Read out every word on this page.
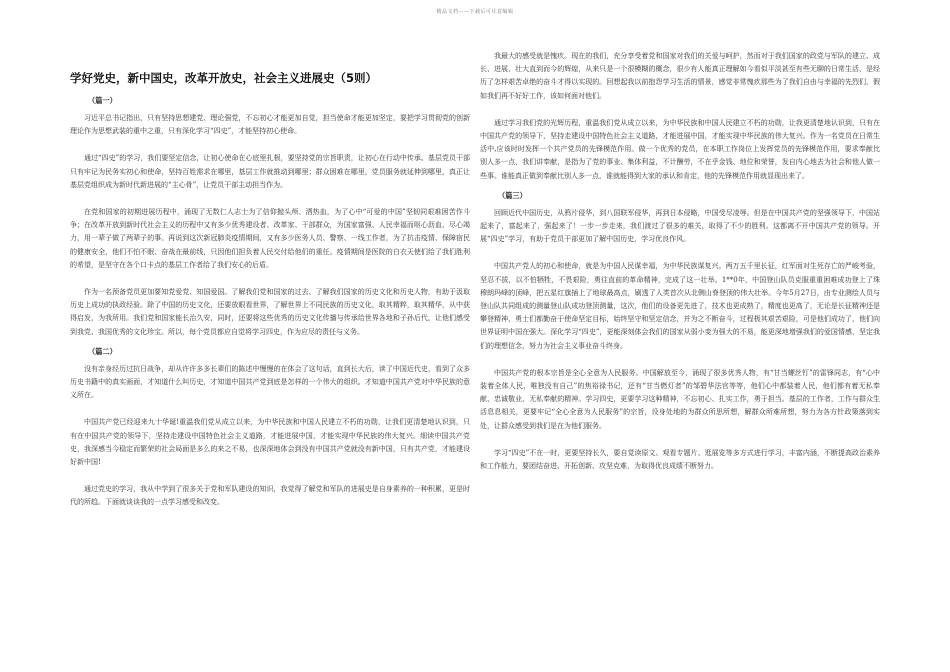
精品文档——下载后可任意编辑
学好党史，新中国史，改革开放史，社会主义进展史（5则）
（篇一）

习近平总书记指出，只有坚持思想建党、理论强党，不忘初心才能更加自觉，担当使命才能更加坚定，要把学习贯彻党的创新理论作为思想武装的重中之重，只有深化学习“四史”，才能坚持初心使命。

通过“四史”的学习，我们要坚定信念，让初心使命在心底里扎根，要坚持党的宗旨职责，让初心在行动中传承。基层党员干部只有牢记为民务实初心和使命，坚持百姓需求在哪里，基层工作就推动到哪里；群众困难在哪里，党员服务就延伸到哪里，真正让基层党组织成为新时代新进展的“主心骨”，让党员干部主动担当作为。

在党和国家的初期进展历程中，涌现了无数仁人志士为了信仰抛头颅、洒热血，为了心中“可爱的中国”坚韧同艰难困苦作斗争；在改革开放到新时代社会主义的历程中又有多少优秀建设者、改革家、干部群众，为国家富强、人民幸福而呕心沥血、尽心竭力，用一辈子做了两辈子的事。再说到这次新冠肺炎疫情期间，又有多少医务人员、警察、一线工作者，为了抗击疫情、保障宿民的健康安全，他们不怕不眠、奋战在最前线，只因他们担负着人民交付给他们的重任。疫情期间是医院的白衣天使们给了我们胜利的希望，是坚守在各个口卡点的基层工作者给了我们安心的后盾。

作为一名预备党员更加要知党爱党、知国爱国。了解我们党和国家的过去、了解我们国家的历史文化和历史人物，有助于汲取历史上成功的执政经验。除了中国的历史文化，还要放眼看世界，了解世界上不同民族的历史文化，取其精粹，取其精华，从中获得启发，为我所用。我们党和国家能长治久安，同时，还要将这些优秀的历史文化传播与传承给世界各地和子孙后代，让他们感受到我党、我国优秀的文化珍宝。所以，每个党员都应自觉将学习四史，作为应尽的责任与义务。

（篇二）

没有亲身经历过抗日战争，却从许许多多长辈们的陈述中慢慢的在体会了这句话，直到长大后，读了中国近代史，看到了众多历史书籍中的真实画面，才知道什么叫历史，才知道中国共产党到底是怎样的一个伟大的组织。才知道中国共产党对中华民族的意义所在。

中国共产党已经迎来九十华诞!重温我们党从成立以来，为中华民族和中国人民建立不朽的功勋，让我们更清楚地认识到，只有在中国共产党的领导下，坚持走建设中国特色社会主义道路，才能进展中国，才能实现中华民族的伟大复兴。细读中国共产党史，我深感当今稳定而繁荣的社会局面是多么的来之不易，也深深地体会到没有中国共产党就没有新中国，只有共产党，才能建设好新中国!

通过党史的学习，我从中学到了很多关于党和军队建设的知识，我觉得了解党和军队的进展史是自身素养的一种积累，更是时代的所趋。下面就谈谈我的一点学习感受和改变。

我最大的感受就是愧疚。现在的我们，充分享受着党和国家对我们的关爱与呵护，然而对于我们国家的政党与军队的建立、成长、进展、壮大直到而今的辉煌，从来只是一个很模糊的概念，很少有人能真正理解如今看似平淡甚至有些无聊的日常生活，是经历了怎样艰苦卓绝的奋斗才得以实现的。回想起我以前抱怨学习生活的情景，感觉非常愧疚那些为了我们自由与幸福的先烈们，假如我们再不好好工作，该如何面对他们。

通过学习我们党的光辉历程，重温我们党从成立以来，为中华民族和中国人民建立不朽的功勋，让我更清楚地认识到，只有在中国共产党的领导下，坚持走建设中国特色社会主义道路，才能进展中国，才能实现中华民族的伟大复兴。作为一名党员在日常生活中,应该时时发挥一个共产党员的先锋模范作用。做一个优秀的党员，在本职工作岗位上发挥党员的先锋模范作用，要求奉献比别人多一点，我们讲奉献，是指为了党的事业、集体利益，不计酬劳，不在乎金钱、地位和荣誉，发自内心地去为社会和他人做一些事。谁能真正做到奉献比别人多一点，谁就能得到大家的承认和肯定，他的先锋模范作用就显现出来了。

（篇三）

回顾近代中国历史，从鸦片侵华，到八国联军侵华，再到日本侵略，中国受尽凌辱。但是在中国共产党的坚强领导下，中国站起来了，富起来了，强起来了！一步一步走来，我们渡过了很多的难关，取得了不少的胜利。这都离不开中国共产党的领导。开展“四史”学习，有助于党员干部更加了解中国历史，学习优良作风。

中国共产党人的初心和使命，就是为中国人民谋幸福，为中华民族谋复兴。两万五千里长征，红军面对生死存亡的严峻考验，坚忍不拔，以不怕牺牲，不畏艰险，勇往直前的革命精神，完成了这一壮举。1**0年，中国登山队员克服重重困难成功登上了珠穆朗玛峰的顶峰，把五星红旗插上了地球最高点，刷透了人类首次从北侧山脊登顶的伟大壮举。今年5月27日，由专业测绘人员与登山队共同组成的测量登山队成功登顶测量，这次，他们的设备更先进了，技术也更成熟了，精度也更高了，无论是长征精神还是攀登精神，勇士们都勤奋于使命坚定目标，始终坚守和坚定信念，并为之不断奋斗，过程极其艰苦艰险，可是他们成功了，他们向世界证明中国在强大。深化学习“四史”，更能深刻体会我们的国家从弱小变为强大的不易，能更深地增强我们的爱国情感，坚定我们的理想信念，努力为社会主义事业奋斗终身。

中国共产党的根本宗旨是全心全意为人民服务。中国解放至今，涌现了很多优秀人物，有“甘当螺丝钉”的雷锋同志，有“心中装着全体人民，唯独没有自己”的焦裕禄书记，还有“甘当燃灯者”的邹碧华法官等等，他们心中都装着人民，他们都有着无私奉献、忠诚敬业、无私奉献的精神。学习四史，更要学习这种精神，不忘初心、扎实工作，勇于担当。基层的工作者，工作与群众生活息息相关，更要牢记“全心全意为人民服务”的宗旨，设身处地的为群众所思所想，解群众所难所想，努力为各方针政策落到实处，让群众感受到我们是在为他们服务。

学习“四史”不在一时，更要坚持长久，要自觉读原文、观看专题片、逛展览等多方式进行学习，丰富内涵，不断提高政治素养和工作能力，要团结奋进、开拓创新、攻坚克难，为取得优良成绩不断努力。
